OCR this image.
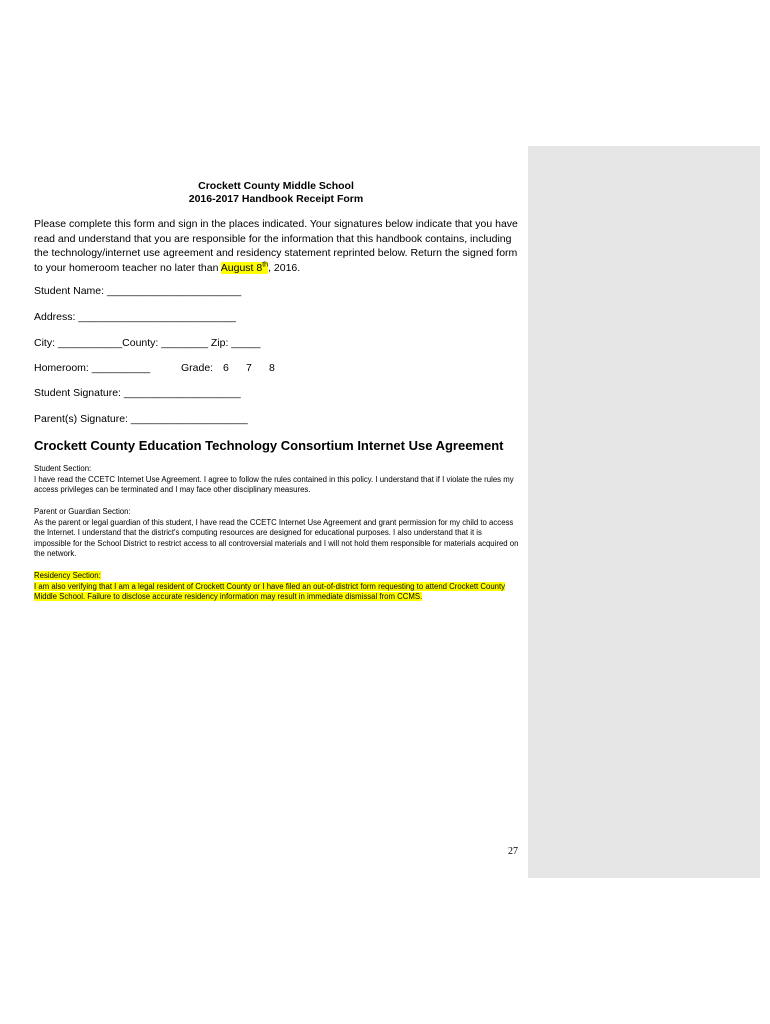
Crockett County Middle School
2016-2017 Handbook Receipt Form
Please complete this form and sign in the places indicated. Your signatures below indicate that you have read and understand that you are responsible for the information that this handbook contains, including the technology/internet use agreement and residency statement reprinted below. Return the signed form to your homeroom teacher no later than August 8th, 2016.
Student Name: _______________________
Address: ___________________________
City: ___________County: ________ Zip: _____
Homeroom: __________	Grade: 6 7 8
Student Signature: ____________________
Parent(s) Signature: ____________________
Crockett County Education Technology Consortium Internet Use Agreement

Student Section:

I have read the CCETC Internet Use Agreement. I agree to follow the rules contained in this policy. I understand that if I violate the rules my access privileges can be terminated and I may face other disciplinary measures.

Parent or Guardian Section:

As the parent or legal guardian of this student, I have read the CCETC Internet Use Agreement and grant permission for my child to access the Internet. I understand that the district's computing resources are designed for educational purposes. I also understand that it is impossible for the School District to restrict access to all controversial materials and I will not hold them responsible for materials acquired on the network.

Residency Section:

I am also verifying that I am a legal resident of Crockett County or I have filed an out-of-district form requesting to attend Crockett County Middle School. Failure to disclose accurate residency information may result in immediate dismissal from CCMS.

27
